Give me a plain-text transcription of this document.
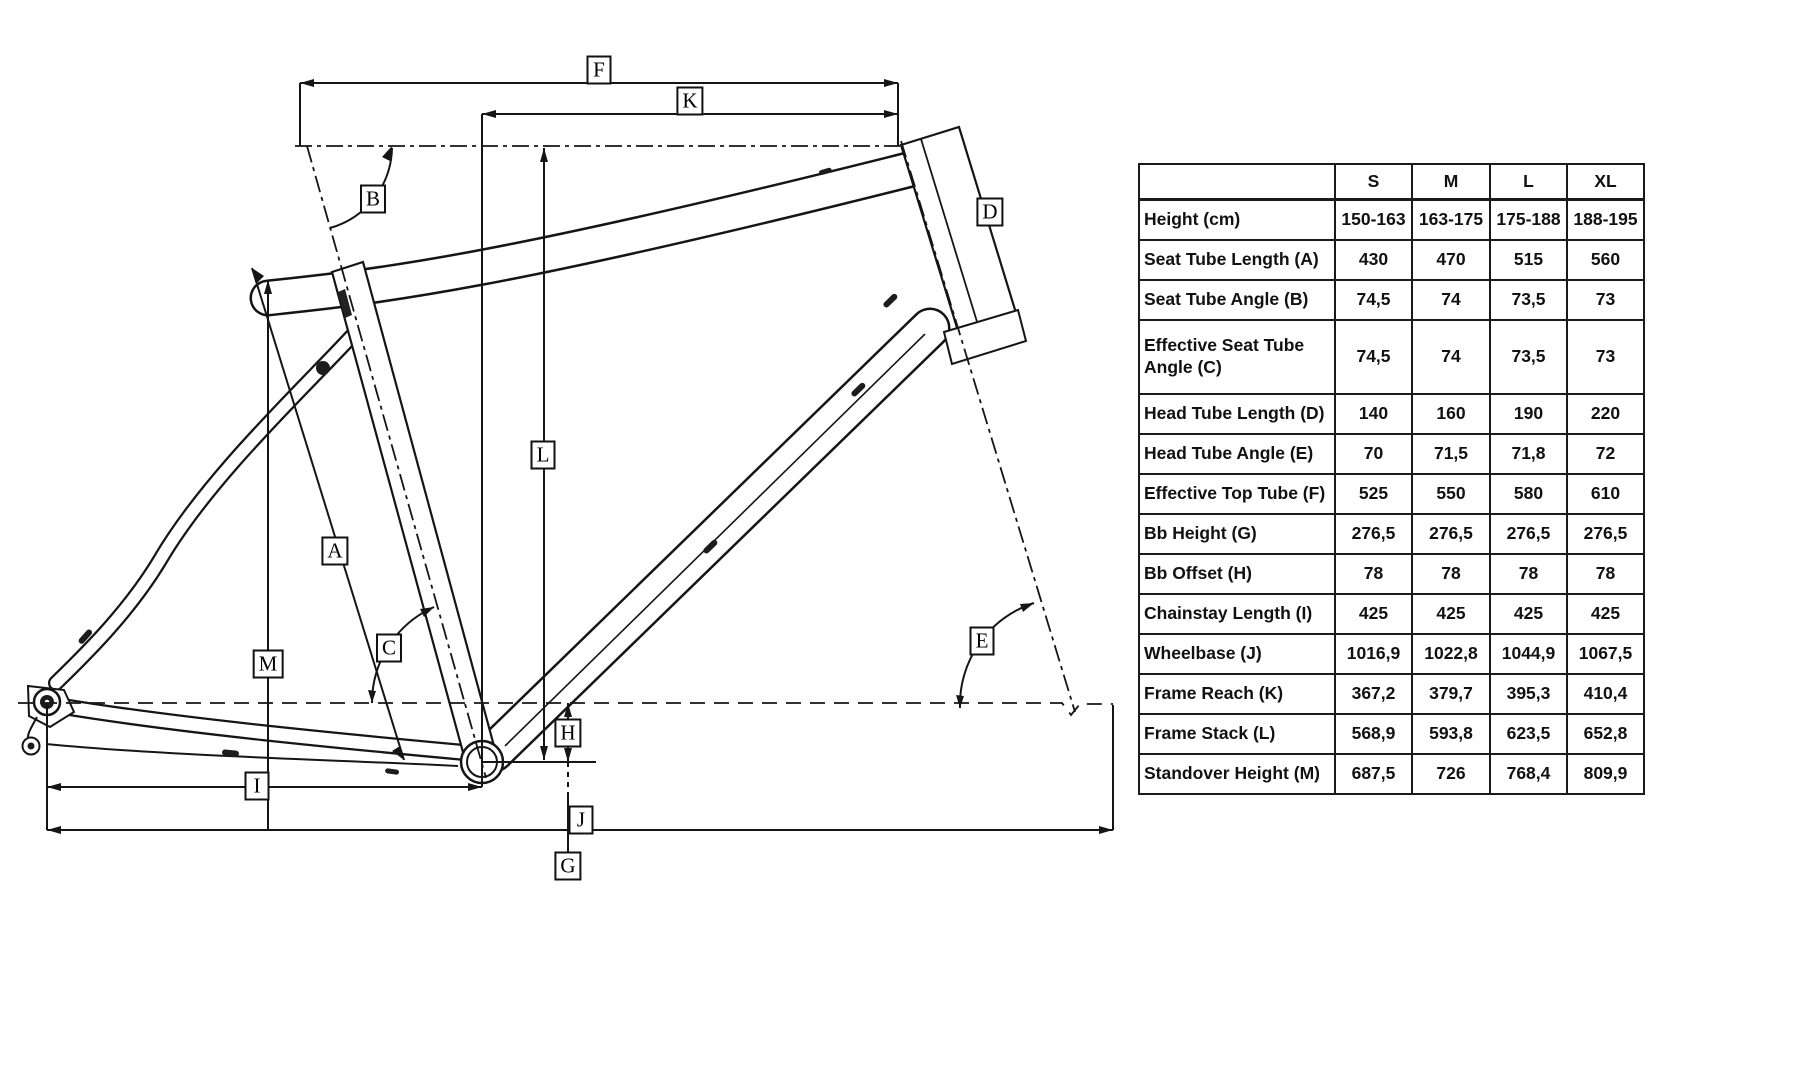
F
K
B
D
L
A
E
C
M
H
I
J
G
	S	M	L	XL
Height (cm)	150-163	163-175	175-188	188-195
Seat Tube Length (A)	430	470	515	560
Seat Tube Angle (B)	74,5	74	73,5	73
Effective Seat Tube Angle (C)	74,5	74	73,5	73
Head Tube Length (D)	140	160	190	220
Head Tube Angle (E)	70	71,5	71,8	72
Effective Top Tube (F)	525	550	580	610
Bb Height (G)	276,5	276,5	276,5	276,5
Bb Offset (H)	78	78	78	78
Chainstay Length (I)	425	425	425	425
Wheelbase (J)	1016,9	1022,8	1044,9	1067,5
Frame Reach (K)	367,2	379,7	395,3	410,4
Frame Stack (L)	568,9	593,8	623,5	652,8
Standover Height (M)	687,5	726	768,4	809,9
